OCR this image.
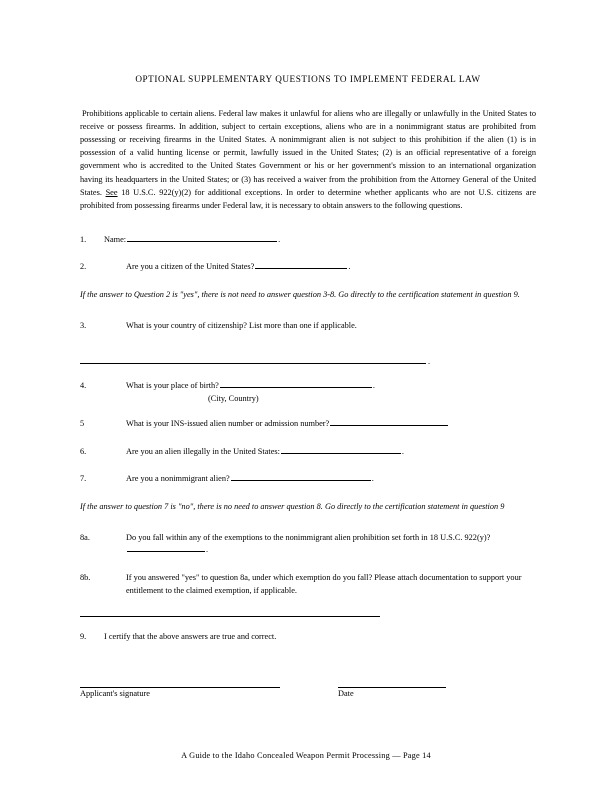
OPTIONAL SUPPLEMENTARY QUESTIONS TO IMPLEMENT FEDERAL LAW

Prohibitions applicable to certain aliens. Federal law makes it unlawful for aliens who are illegally or unlawfully in the United States to receive or possess firearms. In addition, subject to certain exceptions, aliens who are in a nonimmigrant status are prohibited from possessing or receiving firearms in the United States. A nonimmigrant alien is not subject to this prohibition if the alien (1) is in possession of a valid hunting license or permit, lawfully issued in the United States; (2) is an official representative of a foreign government who is accredited to the United States Government or his or her government's mission to an international organization having its headquarters in the United States; or (3) has received a waiver from the prohibition from the Attorney General of the United States. See 18 U.S.C. 922(y)(2) for additional exceptions. In order to determine whether applicants who are not U.S. citizens are prohibited from possessing firearms under Federal law, it is necessary to obtain answers to the following questions.

1.	Name:	.
2.	Are you a citizen of the United States?	.

If the answer to Question 2 is "yes", there is not need to answer question 3-8. Go directly to the certification statement in question 9.

3.	What is your country of citizenship? List more than one if applicable.
.
4.	What is your place of birth?	.
(City, Country)
5	What is your INS-issued alien number or admission number?
6.	Are you an alien illegally in the United States:	.
7.	Are you a nonimmigrant alien?	.

If the answer to question 7 is "no", there is no need to answer question 8. Go directly to the certification statement in question 9

8a.	Do you fall within any of the exemptions to the nonimmigrant alien prohibition set forth in 18 U.S.C. 922(y)? .
8b.	If you answered "yes" to question 8a, under which exemption do you fall? Please attach documentation to support your entitlement to the claimed exemption, if applicable.
9.	I certify that the above answers are true and correct.
Applicant's signature	Date
A Guide to the Idaho Concealed Weapon Permit Processing — Page 14
